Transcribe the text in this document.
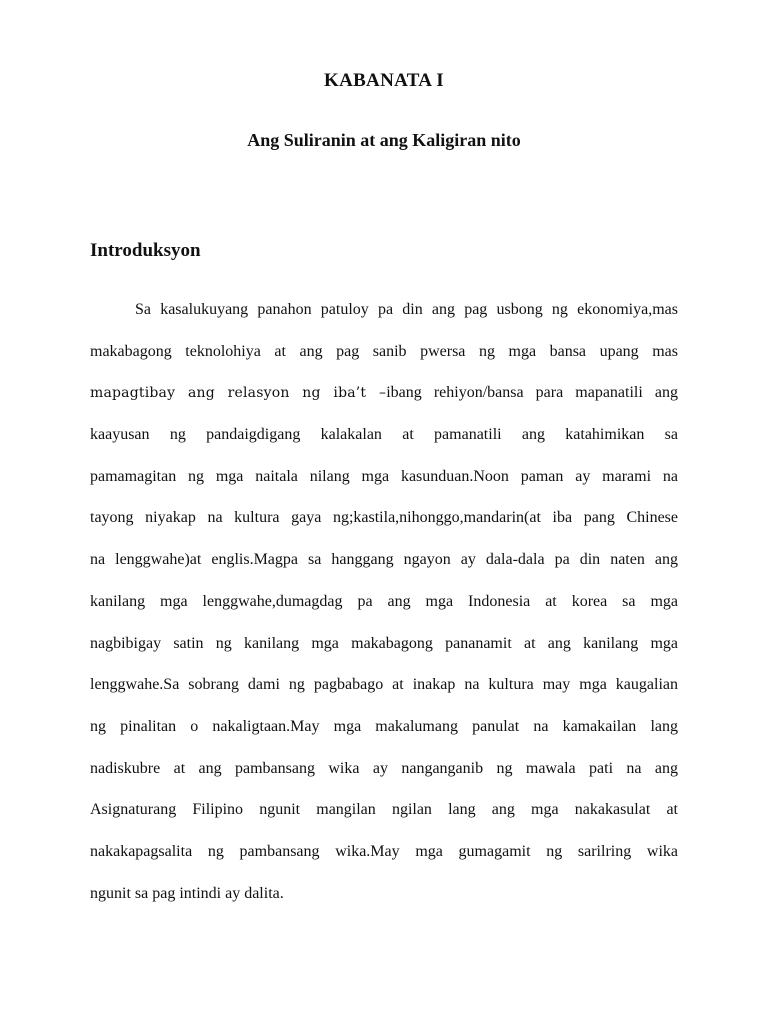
KABANATA I
Ang Suliranin at ang Kaligiran nito
Introduksyon
Sa kasalukuyang panahon patuloy pa din ang pag usbong ng ekonomiya,mas
makabagong teknolohiya at ang pag sanib pwersa ng mga bansa upang mas
mapagtibay ang relasyon ng iba’t –ibang rehiyon/bansa para mapanatili ang
kaayusan ng pandaigdigang kalakalan at pamanatili ang katahimikan sa
pamamagitan ng mga naitala nilang mga kasunduan.Noon paman ay marami na
tayong niyakap na kultura gaya ng;kastila,nihonggo,mandarin(at iba pang Chinese
na lenggwahe)at englis.Magpa sa hanggang ngayon ay dala-dala pa din naten ang
kanilang mga lenggwahe,dumagdag pa ang mga Indonesia at korea sa mga
nagbibigay satin ng kanilang mga makabagong pananamit at ang kanilang mga
lenggwahe.Sa sobrang dami ng pagbabago at inakap na kultura may mga kaugalian
ng pinalitan o nakaligtaan.May mga makalumang panulat na kamakailan lang
nadiskubre at ang pambansang wika ay nanganganib ng mawala pati na ang
Asignaturang Filipino ngunit mangilan ngilan lang ang mga nakakasulat at
nakakapagsalita ng pambansang wika.May mga gumagamit ng sarilring wika
ngunit sa pag intindi ay dalita.
